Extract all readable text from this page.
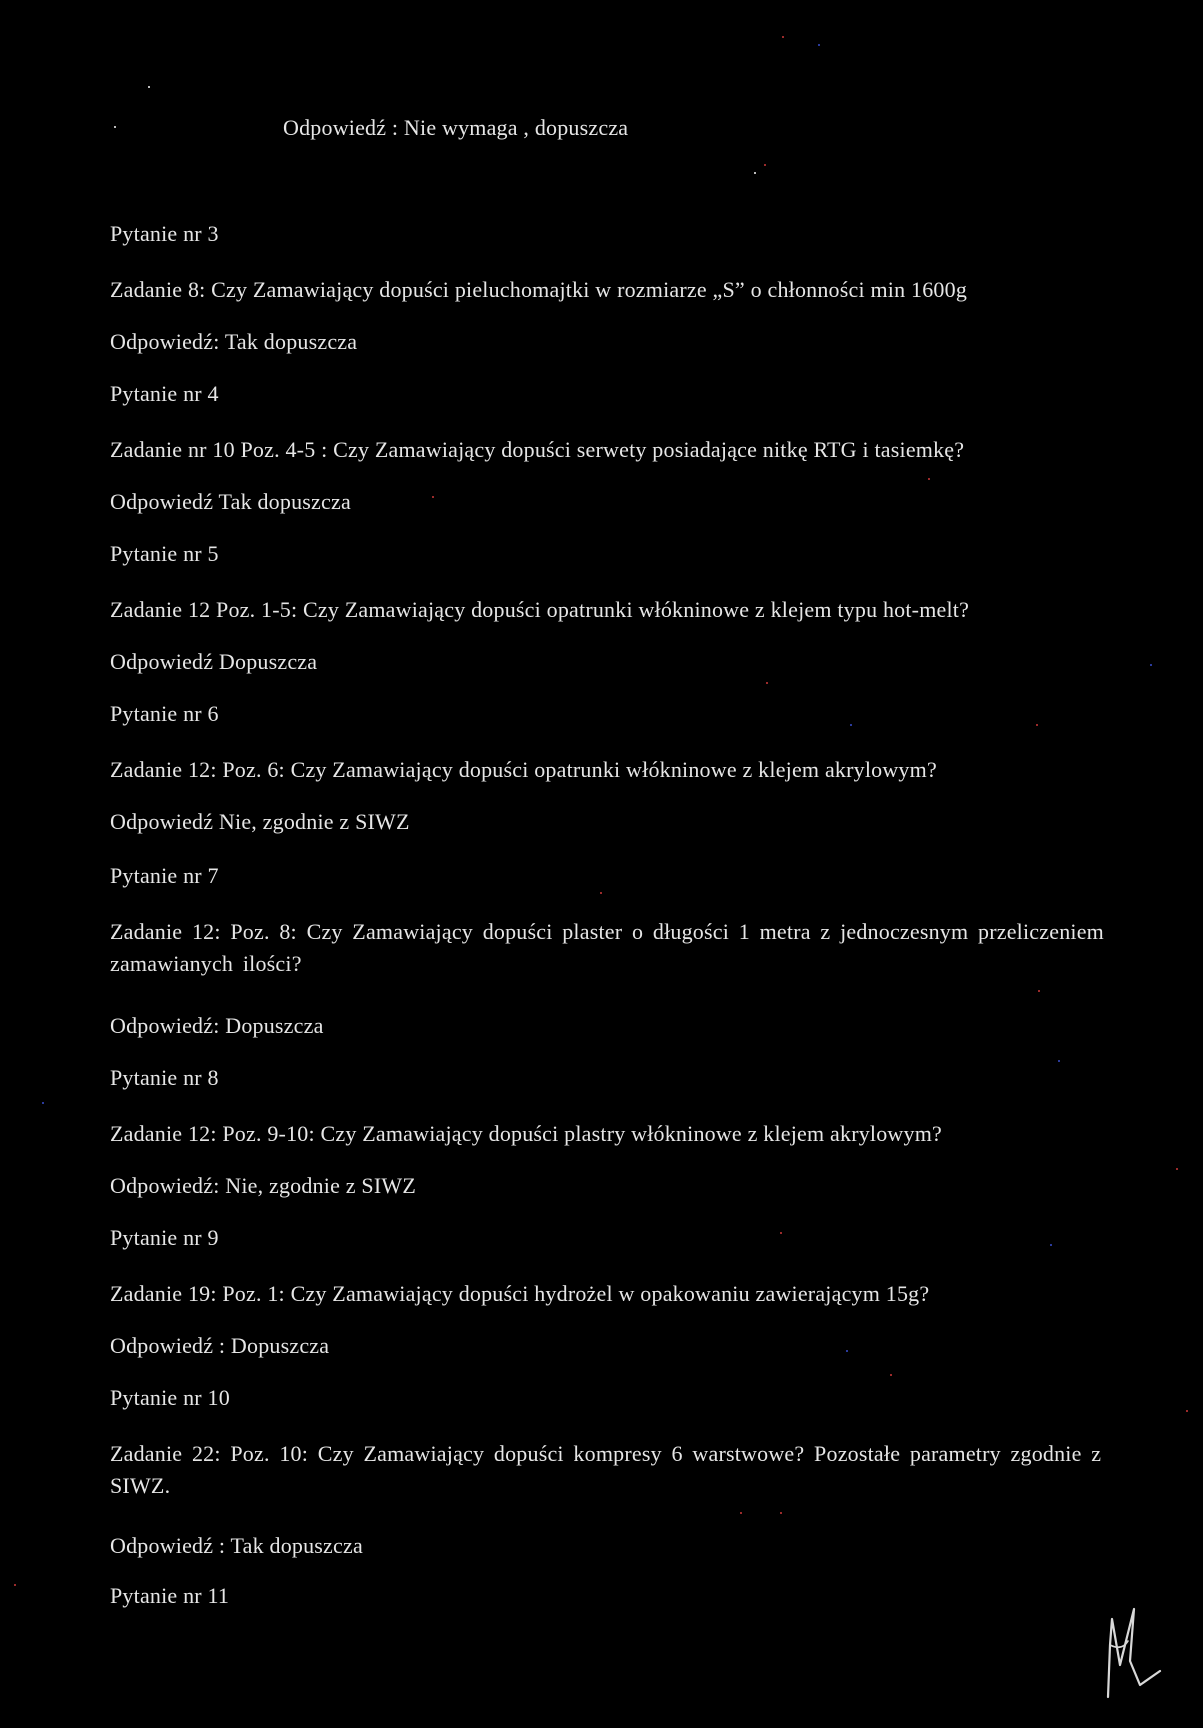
Odpowiedź : Nie wymaga , dopuszcza
Pytanie nr 3
Zadanie 8: Czy Zamawiający dopuści pieluchomajtki w rozmiarze „S” o chłonności min 1600g
Odpowiedź: Tak dopuszcza
Pytanie nr 4
Zadanie nr 10 Poz. 4-5 : Czy Zamawiający dopuści serwety posiadające nitkę RTG i tasiemkę?
Odpowiedź Tak dopuszcza
Pytanie nr 5
Zadanie 12 Poz. 1-5: Czy Zamawiający dopuści opatrunki włókninowe z klejem typu hot-melt?
Odpowiedź Dopuszcza
Pytanie nr 6
Zadanie 12: Poz. 6: Czy Zamawiający dopuści opatrunki włókninowe z klejem akrylowym?
Odpowiedź Nie, zgodnie z SIWZ
Pytanie nr 7
Zadanie 12: Poz. 8: Czy Zamawiający dopuści plaster o długości 1 metra z jednoczesnym przeliczeniem zamawianych ilości?
Odpowiedź: Dopuszcza
Pytanie nr 8
Zadanie 12: Poz. 9-10: Czy Zamawiający dopuści plastry włókninowe z klejem akrylowym?
Odpowiedź: Nie, zgodnie z SIWZ
Pytanie nr 9
Zadanie 19: Poz. 1: Czy Zamawiający dopuści hydrożel w opakowaniu zawierającym 15g?
Odpowiedź : Dopuszcza
Pytanie nr 10
Zadanie 22: Poz. 10: Czy Zamawiający dopuści kompresy 6 warstwowe? Pozostałe parametry zgodnie z SIWZ.
Odpowiedź : Tak dopuszcza
Pytanie nr 11
